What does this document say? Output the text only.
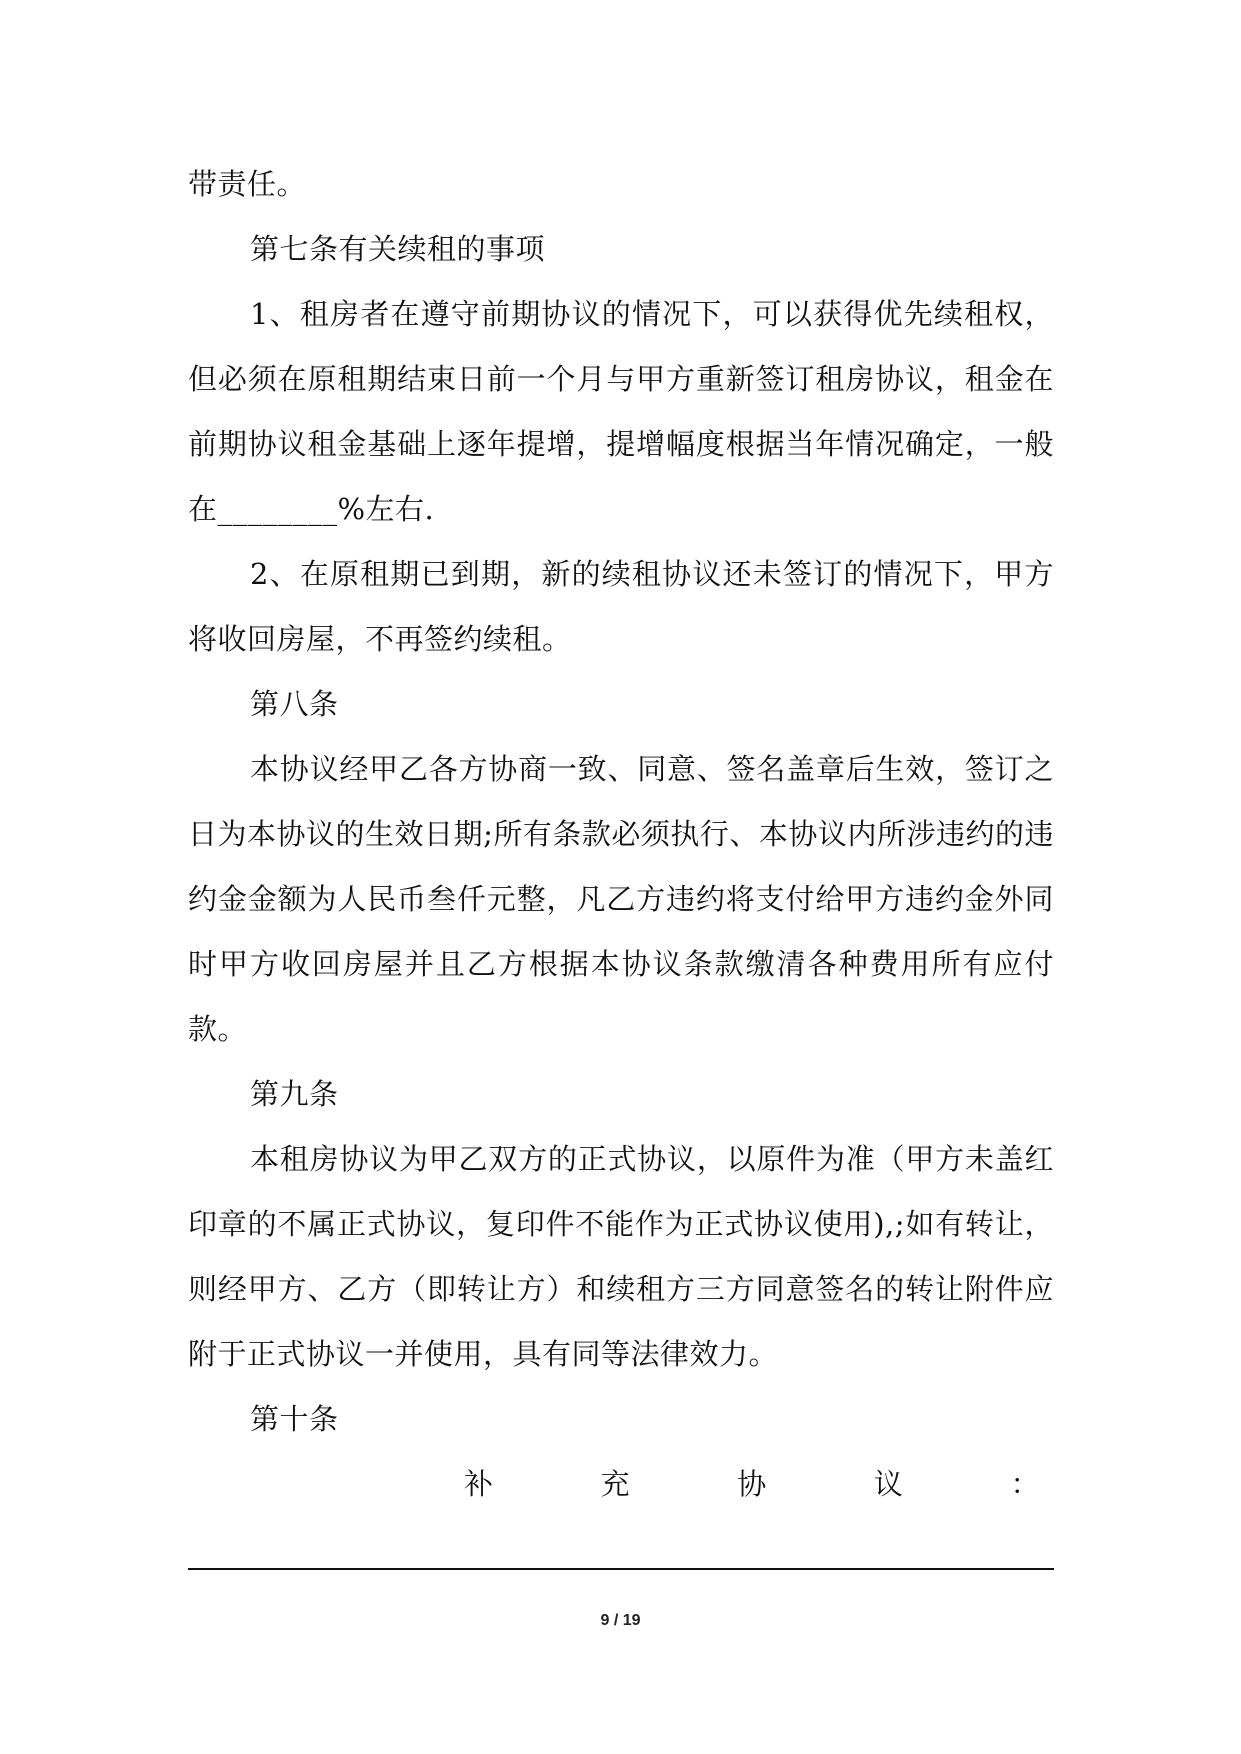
带责任。

第七条有关续租的事项

1、租房者在遵守前期协议的情况下，可以获得优先续租权，但必须在原租期结束日前一个月与甲方重新签订租房协议，租金在前期协议租金基础上逐年提增，提增幅度根据当年情况确定，一般在________%左右.

2、在原租期已到期，新的续租协议还未签订的情况下，甲方将收回房屋，不再签约续租。

第八条

本协议经甲乙各方协商一致、同意、签名盖章后生效，签订之日为本协议的生效日期;所有条款必须执行、本协议内所涉违约的违约金金额为人民币叁仟元整，凡乙方违约将支付给甲方违约金外同时甲方收回房屋并且乙方根据本协议条款缴清各种费用所有应付款。

第九条

本租房协议为甲乙双方的正式协议，以原件为准（甲方未盖红印章的不属正式协议，复印件不能作为正式协议使用),;如有转让，则经甲方、乙方（即转让方）和续租方三方同意签名的转让附件应附于正式协议一并使用，具有同等法律效力。

第十条

补	充	协	议	：
9 / 19
